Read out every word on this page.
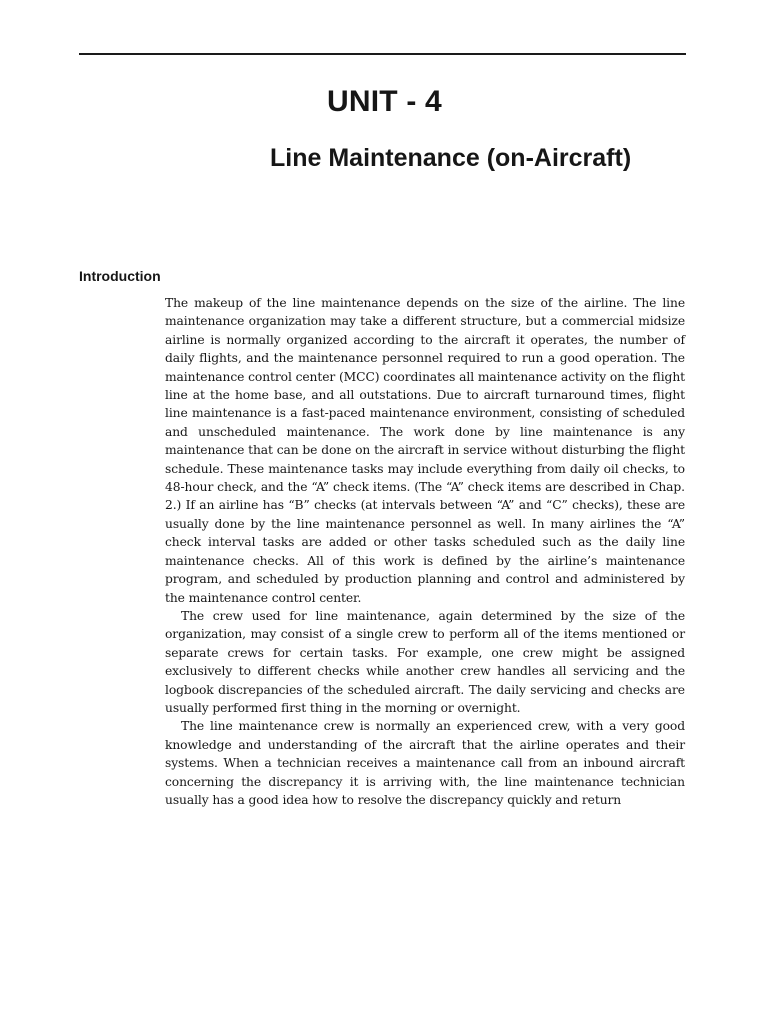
UNIT - 4
Line Maintenance (on-Aircraft)
Introduction

The makeup of the line maintenance depends on the size of the airline. The line maintenance organization may take a different structure, but a commercial midsize airline is normally organized according to the aircraft it operates, the number of daily flights, and the maintenance personnel required to run a good operation. The maintenance control center (MCC) coordinates all maintenance activity on the flight line at the home base, and all outstations. Due to aircraft turnaround times, flight line maintenance is a fast-paced maintenance environment, consisting of scheduled and unscheduled maintenance. The work done by line maintenance is any maintenance that can be done on the aircraft in service without disturbing the flight schedule. These maintenance tasks may include everything from daily oil checks, to 48-hour check, and the “A” check items. (The “A” check items are described in Chap. 2.) If an airline has “B” checks (at intervals between “A” and “C” checks), these are usually done by the line maintenance personnel as well. In many airlines the “A” check interval tasks are added or other tasks scheduled such as the daily line maintenance checks. All of this work is defined by the airline’s maintenance program, and scheduled by production planning and control and administered by the maintenance control center.

The crew used for line maintenance, again determined by the size of the organization, may consist of a single crew to perform all of the items mentioned or separate crews for certain tasks. For example, one crew might be assigned exclusively to different checks while another crew handles all servicing and the logbook discrepancies of the scheduled aircraft. The daily servicing and checks are usually performed first thing in the morning or overnight.

The line maintenance crew is normally an experienced crew, with a very good knowledge and understanding of the aircraft that the airline operates and their systems. When a technician receives a maintenance call from an inbound aircraft concerning the discrepancy it is arriving with, the line maintenance technician usually has a good idea how to resolve the discrepancy quickly and return
